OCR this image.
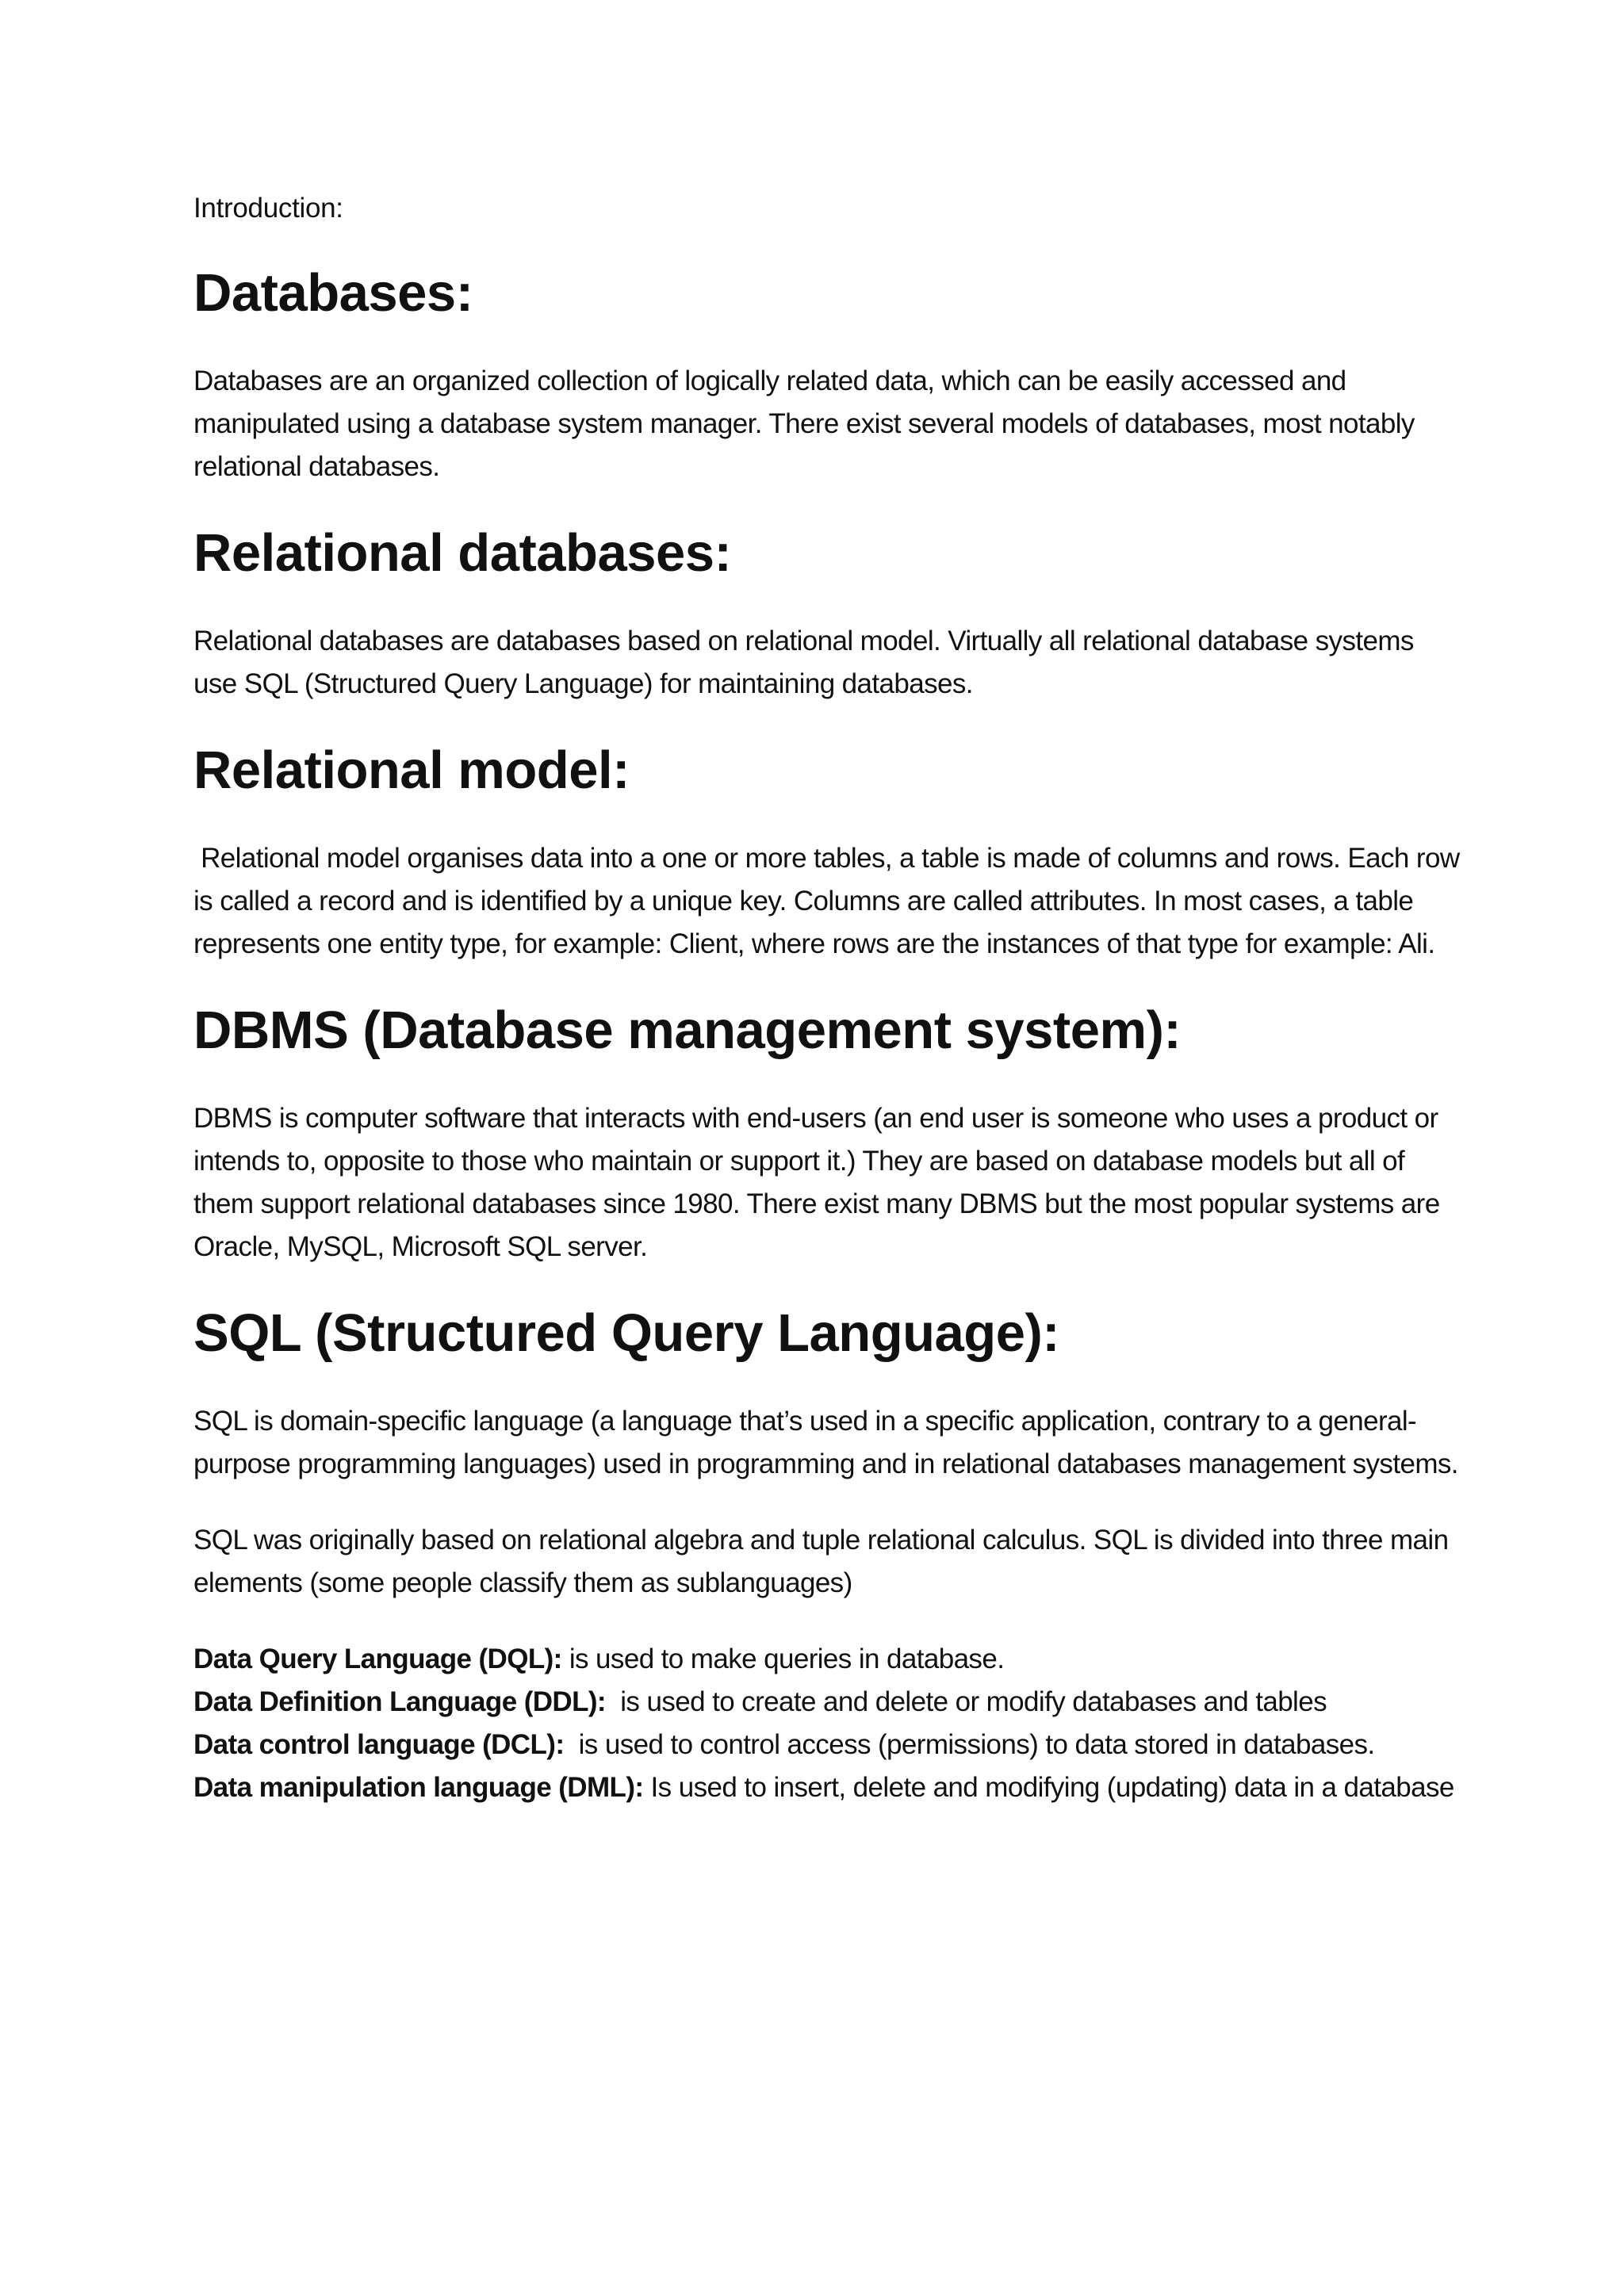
Introduction:
Databases:

Databases are an organized collection of logically related data, which can be easily accessed and manipulated using a database system manager. There exist several models of databases, most notably relational databases.

Relational databases:

Relational databases are databases based on relational model. Virtually all relational database systems use SQL (Structured Query Language) for maintaining databases.

Relational model:

Relational model organises data into a one or more tables, a table is made of columns and rows. Each row is called a record and is identified by a unique key. Columns are called attributes. In most cases, a table represents one entity type, for example: Client, where rows are the instances of that type for example: Ali.

DBMS (Database management system):

DBMS is computer software that interacts with end-users (an end user is someone who uses a product or intends to, opposite to those who maintain or support it.) They are based on database models but all of them support relational databases since 1980. There exist many DBMS but the most popular systems are Oracle, MySQL, Microsoft SQL server.

SQL (Structured Query Language):

SQL is domain-specific language (a language that’s used in a specific application, contrary to a general-purpose programming languages) used in programming and in relational databases management systems.

SQL was originally based on relational algebra and tuple relational calculus. SQL is divided into three main elements (some people classify them as sublanguages)

Data Query Language (DQL): is used to make queries in database.
Data Definition Language (DDL):  is used to create and delete or modify databases and tables
Data control language (DCL):  is used to control access (permissions) to data stored in databases.
Data manipulation language (DML): Is used to insert, delete and modifying (updating) data in a database
